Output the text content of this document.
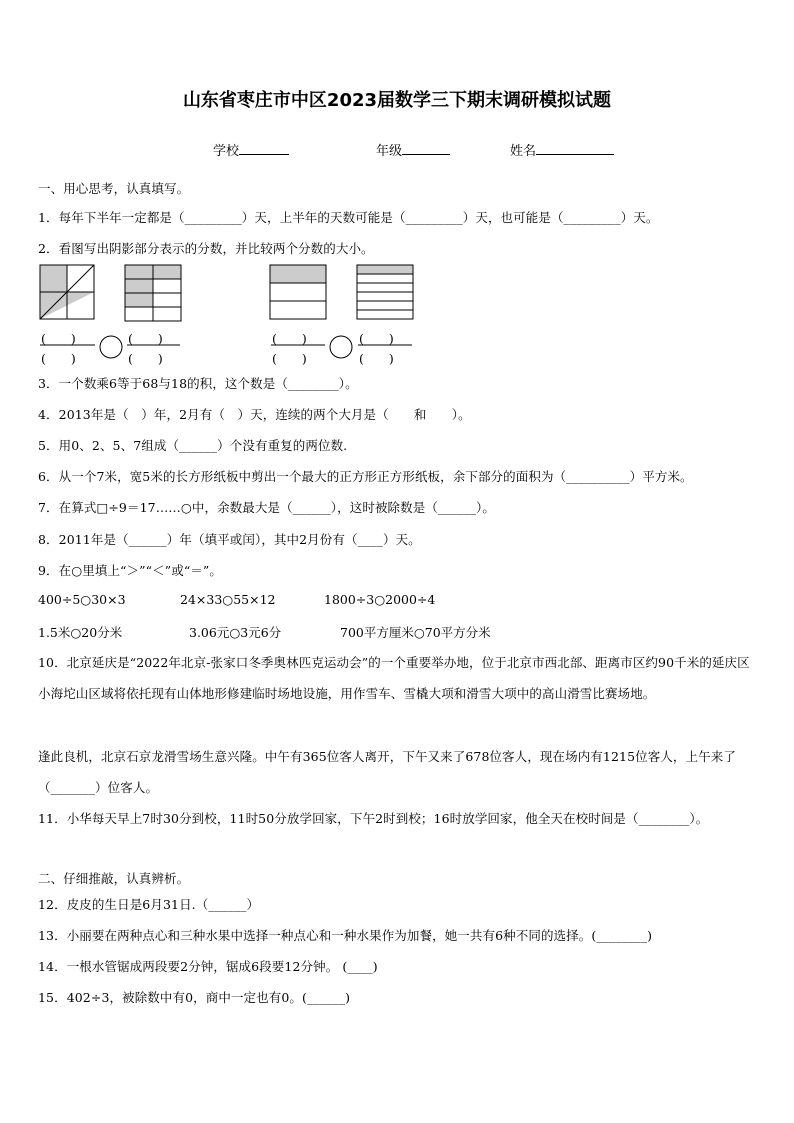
山东省枣庄市中区2023届数学三下期末调研模拟试题
学校	年级	姓名
一、用心思考，认真填写。
1．每年下半年一定都是（_________）天，上半年的天数可能是（_________）天，也可能是（_________）天。
2．看图写出阴影部分表示的分数，并比较两个分数的大小。
(　　)
(　　)
(　　)
(　　)
(　　)
(　　)
(　　)
(　　)
3．一个数乘6等于68与18的积，这个数是（________）。
4．2013年是（　）年，2月有（　）天，连续的两个大月是（　　和　　）。
5．用0、2、5、7组成（______）个没有重复的两位数.
6．从一个7米，宽5米的长方形纸板中剪出一个最大的正方形正方形纸板，余下部分的面积为（__________）平方米。
7．在算式□÷9＝17……○中，余数最大是（______），这时被除数是（______）。
8．2011年是（______）年（填平或闰），其中2月份有（____）天。
9．在○里填上“＞”“＜”或“＝”。
400÷5○30×3	24×33○55×12	1800÷3○2000÷4
1.5米○20分米	3.06元○3元6分	700平方厘米○70平方分米
10．北京延庆是“2022年北京-张家口冬季奥林匹克运动会”的一个重要举办地，位于北京市西北部、距离市区约90千米的延庆区小海坨山区域将依托现有山体地形修建临时场地设施，用作雪车、雪橇大项和滑雪大项中的高山滑雪比赛场地。
逢此良机，北京石京龙滑雪场生意兴隆。中午有365位客人离开，下午又来了678位客人，现在场内有1215位客人，上午来了（_______）位客人。
11．小华每天早上7时30分到校，11时50分放学回家，下午2时到校；16时放学回家，他全天在校时间是（________）。
二、仔细推敲，认真辨析。
12．皮皮的生日是6月31日.（______）
13．小丽要在两种点心和三种水果中选择一种点心和一种水果作为加餐，她一共有6种不同的选择。(________)
14．一根水管锯成两段要2分钟，锯成6段要12分钟。 (____)
15．402÷3，被除数中有0，商中一定也有0。(______)
